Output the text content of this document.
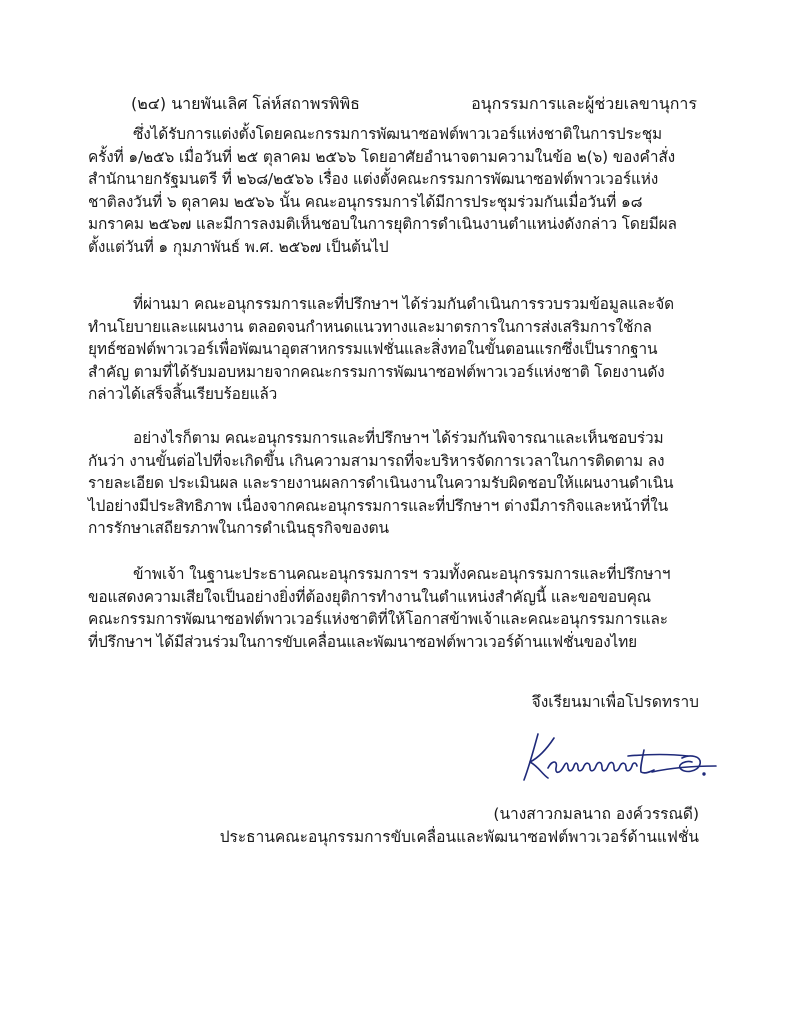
(๒๔) นายพันเลิศ โล่ห์สถาพรพิพิธ	อนุกรรมการและผู้ช่วยเลขานุการ

ซึ่งได้รับการแต่งตั้งโดยคณะกรรมการพัฒนาซอฟต์พาวเวอร์แห่งชาติในการประชุม
ครั้งที่ ๑/๒๕๖ เมื่อวันที่ ๒๕ ตุลาคม ๒๕๖๖ โดยอาศัยอำนาจตามความในข้อ ๒(๖) ของคำสั่ง
สำนักนายกรัฐมนตรี ที่ ๒๖๘/๒๕๖๖ เรื่อง แต่งตั้งคณะกรรมการพัฒนาซอฟต์พาวเวอร์แห่ง
ชาติลงวันที่ ๖ ตุลาคม ๒๕๖๖ นั้น คณะอนุกรรมการได้มีการประชุมร่วมกันเมื่อวันที่ ๑๘
มกราคม ๒๕๖๗ และมีการลงมติเห็นชอบในการยุติการดำเนินงานตำแหน่งดังกล่าว โดยมีผล
ตั้งแต่วันที่ ๑ กุมภาพันธ์ พ.ศ. ๒๕๖๗ เป็นต้นไป

ที่ผ่านมา คณะอนุกรรมการและที่ปรึกษาฯ ได้ร่วมกันดำเนินการรวบรวมข้อมูลและจัด
ทำนโยบายและแผนงาน ตลอดจนกำหนดแนวทางและมาตรการในการส่งเสริมการใช้กล
ยุทธ์ซอฟต์พาวเวอร์เพื่อพัฒนาอุตสาหกรรมแฟชั่นและสิ่งทอในขั้นตอนแรกซึ่งเป็นรากฐาน
สำคัญ ตามที่ได้รับมอบหมายจากคณะกรรมการพัฒนาซอฟต์พาวเวอร์แห่งชาติ โดยงานดัง
กล่าวได้เสร็จสิ้นเรียบร้อยแล้ว

อย่างไรก็ตาม คณะอนุกรรมการและที่ปรึกษาฯ ได้ร่วมกันพิจารณาและเห็นชอบร่วม
กันว่า งานขั้นต่อไปที่จะเกิดขึ้น เกินความสามารถที่จะบริหารจัดการเวลาในการติดตาม ลง
รายละเอียด ประเมินผล และรายงานผลการดำเนินงานในความรับผิดชอบให้แผนงานดำเนิน
ไปอย่างมีประสิทธิภาพ เนื่องจากคณะอนุกรรมการและที่ปรึกษาฯ ต่างมีภารกิจและหน้าที่ใน
การรักษาเสถียรภาพในการดำเนินธุรกิจของตน

ข้าพเจ้า ในฐานะประธานคณะอนุกรรมการฯ รวมทั้งคณะอนุกรรมการและที่ปรึกษาฯ
ขอแสดงความเสียใจเป็นอย่างยิ่งที่ต้องยุติการทำงานในตำแหน่งสำคัญนี้ และขอขอบคุณ
คณะกรรมการพัฒนาซอฟต์พาวเวอร์แห่งชาติที่ให้โอกาสข้าพเจ้าและคณะอนุกรรมการและ
ที่ปรึกษาฯ ได้มีส่วนร่วมในการขับเคลื่อนและพัฒนาซอฟต์พาวเวอร์ด้านแฟชั่นของไทย

จึงเรียนมาเพื่อโปรดทราบ
(นางสาวกมลนาถ องค์วรรณดี)
ประธานคณะอนุกรรมการขับเคลื่อนและพัฒนาซอฟต์พาวเวอร์ด้านแฟชั่น
